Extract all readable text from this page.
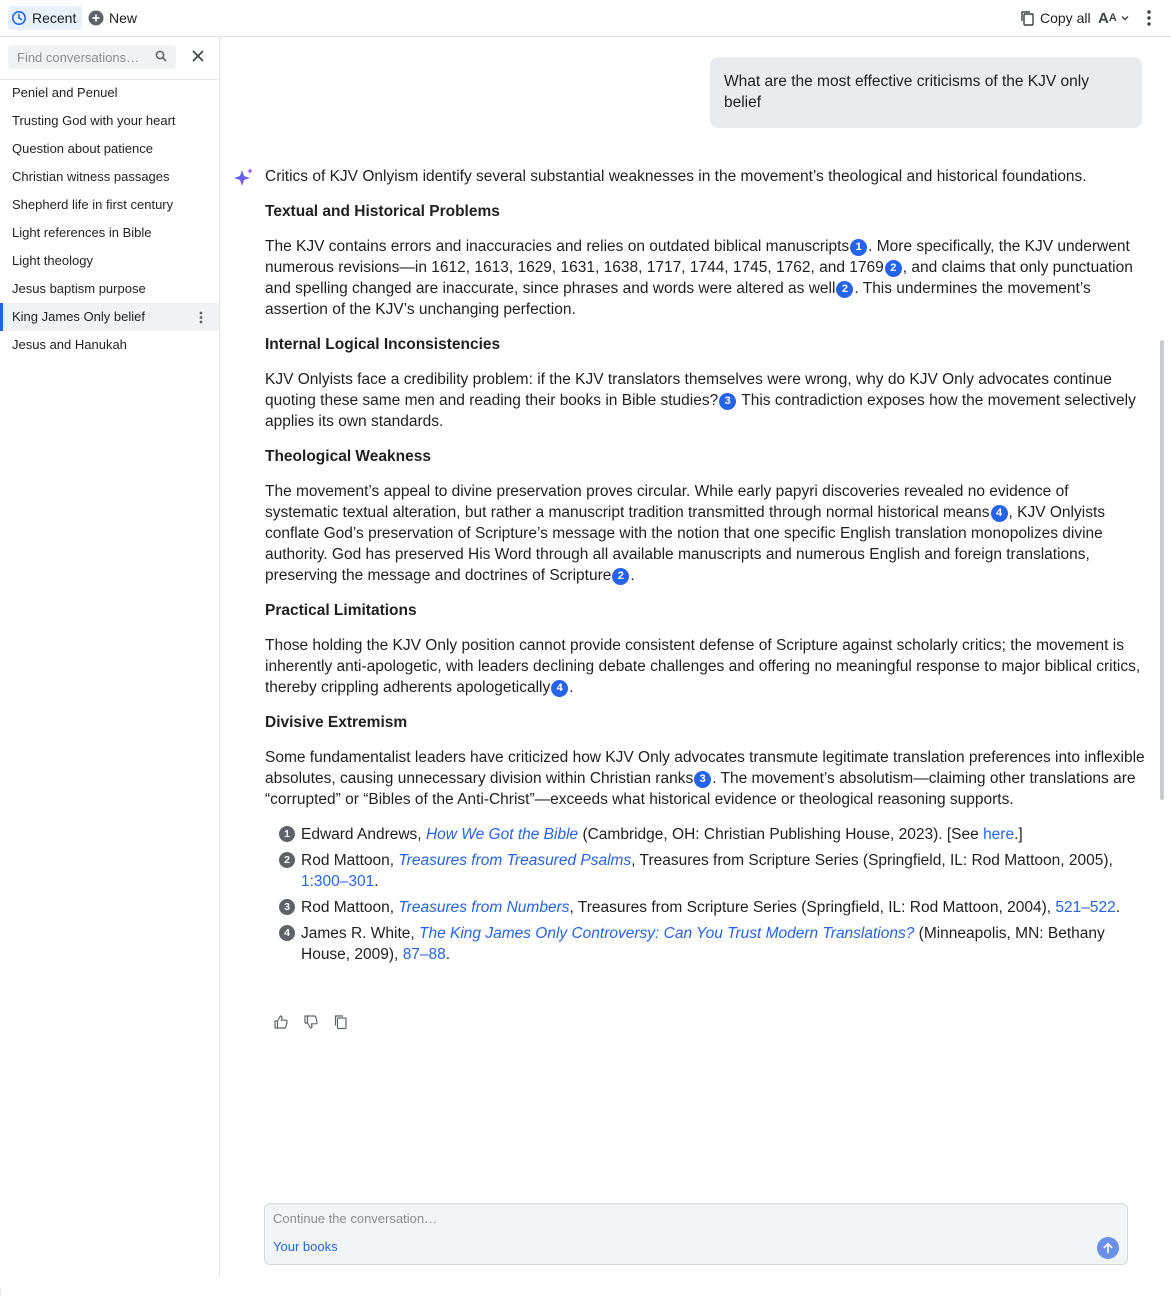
Recent New	Copy all A A
Find conversations…
Peniel and Penuel
Trusting God with your heart
Question about patience
Christian witness passages
Shepherd life in first century
Light references in Bible
Light theology
Jesus baptism purpose
King James Only belief
Jesus and Hanukah
What are the most effective criticisms of the KJV only belief

Critics of KJV Onlyism identify several substantial weaknesses in the movement’s theological and historical foundations.

Textual and Historical Problems

The KJV contains errors and inaccuracies and relies on outdated biblical manuscripts 1 . More specifically, the KJV underwent numerous revisions—in 1612, 1613, 1629, 1631, 1638, 1717, 1744, 1745, 1762, and 1769 2 , and claims that only punctuation and spelling changed are inaccurate, since phrases and words were altered as well 2 . This undermines the movement’s assertion of the KJV’s unchanging perfection.

Internal Logical Inconsistencies

KJV Onlyists face a credibility problem: if the KJV translators themselves were wrong, why do KJV Only advocates continue quoting these same men and reading their books in Bible studies? 3 This contradiction exposes how the movement selectively applies its own standards.

Theological Weakness

The movement’s appeal to divine preservation proves circular. While early papyri discoveries revealed no evidence of systematic textual alteration, but rather a manuscript tradition transmitted through normal historical means 4 , KJV Onlyists conflate God’s preservation of Scripture’s message with the notion that one specific English translation monopolizes divine authority. God has preserved His Word through all available manuscripts and numerous English and foreign translations, preserving the message and doctrines of Scripture 2 .

Practical Limitations

Those holding the KJV Only position cannot provide consistent defense of Scripture against scholarly critics; the movement is inherently anti-apologetic, with leaders declining debate challenges and offering no meaningful response to major biblical critics, thereby crippling adherents apologetically 4 .

Divisive Extremism

Some fundamentalist leaders have criticized how KJV Only advocates transmute legitimate translation preferences into inflexible absolutes, causing unnecessary division within Christian ranks 3 . The movement’s absolutism—claiming other translations are “corrupted” or “Bibles of the Anti-Christ”—exceeds what historical evidence or theological reasoning supports.

1 Edward Andrews, How We Got the Bible (Cambridge, OH: Christian Publishing House, 2023). [See here.]
2 Rod Mattoon, Treasures from Treasured Psalms, Treasures from Scripture Series (Springfield, IL: Rod Mattoon, 2005), 1:300–301.
3 Rod Mattoon, Treasures from Numbers, Treasures from Scripture Series (Springfield, IL: Rod Mattoon, 2004), 521–522.
4 James R. White, The King James Only Controversy: Can You Trust Modern Translations? (Minneapolis, MN: Bethany House, 2009), 87–88.
Continue the conversation…
Your books
